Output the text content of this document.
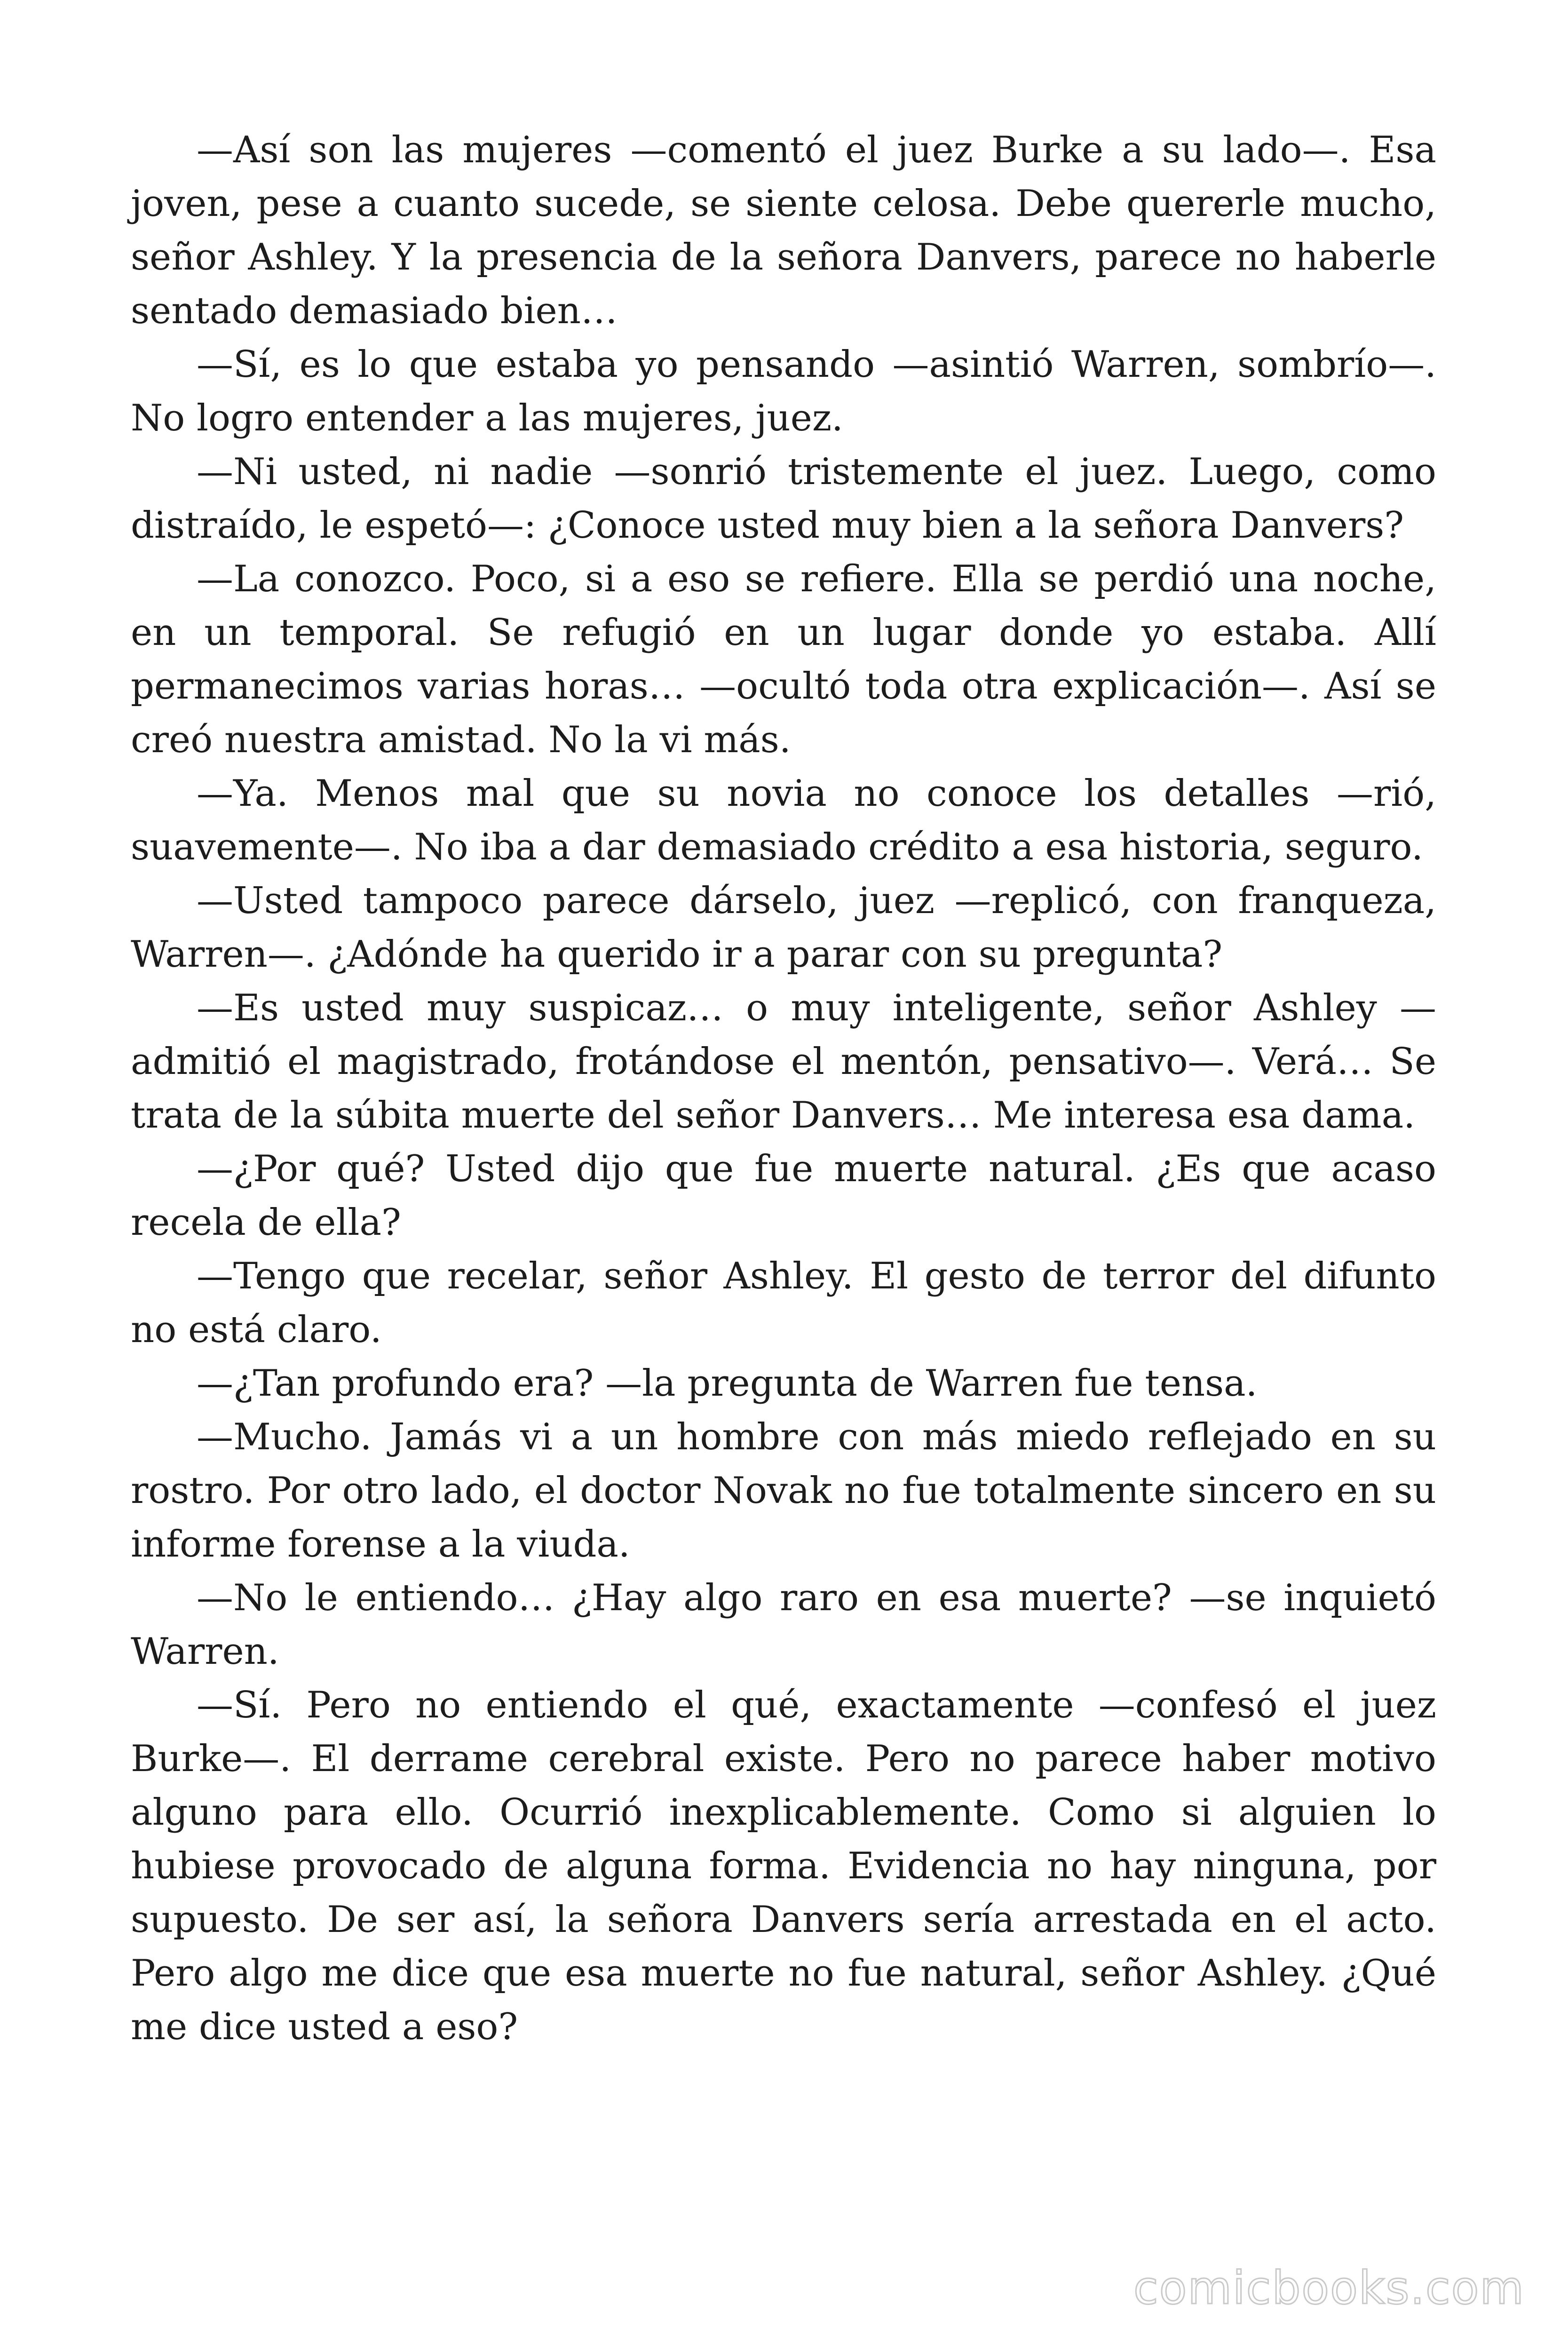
—Así son las mujeres —comentó el juez Burke a su lado—. Esa joven, pese a cuanto sucede, se siente celosa. Debe quererle mucho, señor Ashley. Y la presencia de la señora Danvers, parece no haberle sentado demasiado bien…

—Sí, es lo que estaba yo pensando —asintió Warren, sombrío—. No logro entender a las mujeres, juez.

—Ni usted, ni nadie —sonrió tristemente el juez. Luego, como distraído, le espetó—: ¿Conoce usted muy bien a la señora Danvers?

—La conozco. Poco, si a eso se refiere. Ella se perdió una noche, en un temporal. Se refugió en un lugar donde yo estaba. Allí permanecimos varias horas… —ocultó toda otra explicación—. Así se creó nuestra amistad. No la vi más.

—Ya. Menos mal que su novia no conoce los detalles —rió, suavemente—. No iba a dar demasiado crédito a esa historia, seguro.

—Usted tampoco parece dárselo, juez —replicó, con franqueza, Warren—. ¿Adónde ha querido ir a parar con su pregunta?

—Es usted muy suspicaz… o muy inteligente, señor Ashley —admitió el magistrado, frotándose el mentón, pensativo—. Verá… Se trata de la súbita muerte del señor Danvers… Me interesa esa dama.

—¿Por qué? Usted dijo que fue muerte natural. ¿Es que acaso recela de ella?

—Tengo que recelar, señor Ashley. El gesto de terror del difunto no está claro.

—¿Tan profundo era? —la pregunta de Warren fue tensa.

—Mucho. Jamás vi a un hombre con más miedo reflejado en su rostro. Por otro lado, el doctor Novak no fue totalmente sincero en su informe forense a la viuda.

—No le entiendo… ¿Hay algo raro en esa muerte? —se inquietó Warren.

—Sí. Pero no entiendo el qué, exactamente —confesó el juez Burke—. El derrame cerebral existe. Pero no parece haber motivo alguno para ello. Ocurrió inexplicablemente. Como si alguien lo hubiese provocado de alguna forma. Evidencia no hay ninguna, por supuesto. De ser así, la señora Danvers sería arrestada en el acto. Pero algo me dice que esa muerte no fue natural, señor Ashley. ¿Qué me dice usted a eso?

comicbooks.com
